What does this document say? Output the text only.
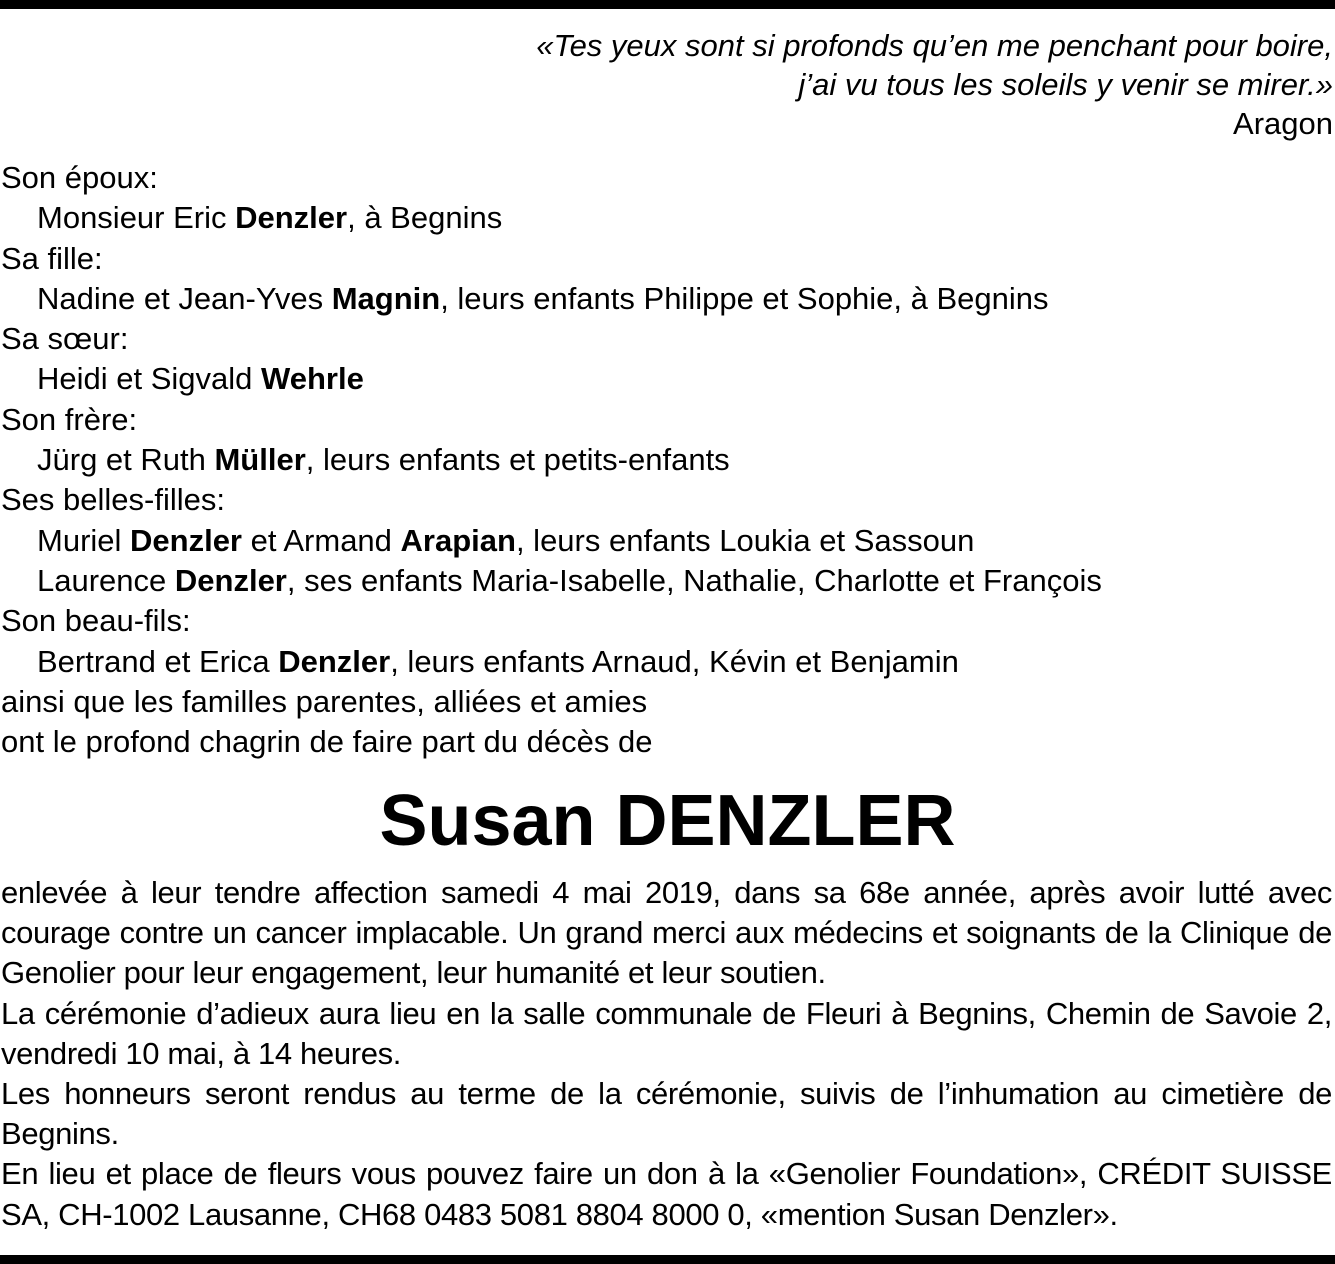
«Tes yeux sont si profonds qu’en me penchant pour boire,
j’ai vu tous les soleils y venir se mirer.»
Aragon
Son époux:
Monsieur Eric Denzler, à Begnins
Sa fille:
Nadine et Jean-Yves Magnin, leurs enfants Philippe et Sophie, à Begnins
Sa sœur:
Heidi et Sigvald Wehrle
Son frère:
Jürg et Ruth Müller, leurs enfants et petits-enfants
Ses belles-filles:
Muriel Denzler et Armand Arapian, leurs enfants Loukia et Sassoun
Laurence Denzler, ses enfants Maria-Isabelle, Nathalie, Charlotte et François
Son beau-fils:
Bertrand et Erica Denzler, leurs enfants Arnaud, Kévin et Benjamin
ainsi que les familles parentes, alliées et amies
ont le profond chagrin de faire part du décès de
Susan DENZLER

enlevée à leur tendre affection samedi 4 mai 2019, dans sa 68e année, après avoir lutté avec courage contre un cancer implacable. Un grand merci aux médecins et soignants de la Clinique de Genolier pour leur engagement, leur humanité et leur soutien.

La cérémonie d’adieux aura lieu en la salle communale de Fleuri à Begnins, Chemin de Savoie 2, vendredi 10 mai, à 14 heures.

Les honneurs seront rendus au terme de la cérémonie, suivis de l’inhumation au cimetière de Begnins.

En lieu et place de fleurs vous pouvez faire un don à la «Genolier Foundation», CRÉDIT SUISSE SA, CH-1002 Lausanne, CH68 0483 5081 8804 8000 0, «mention Susan Denzler».
